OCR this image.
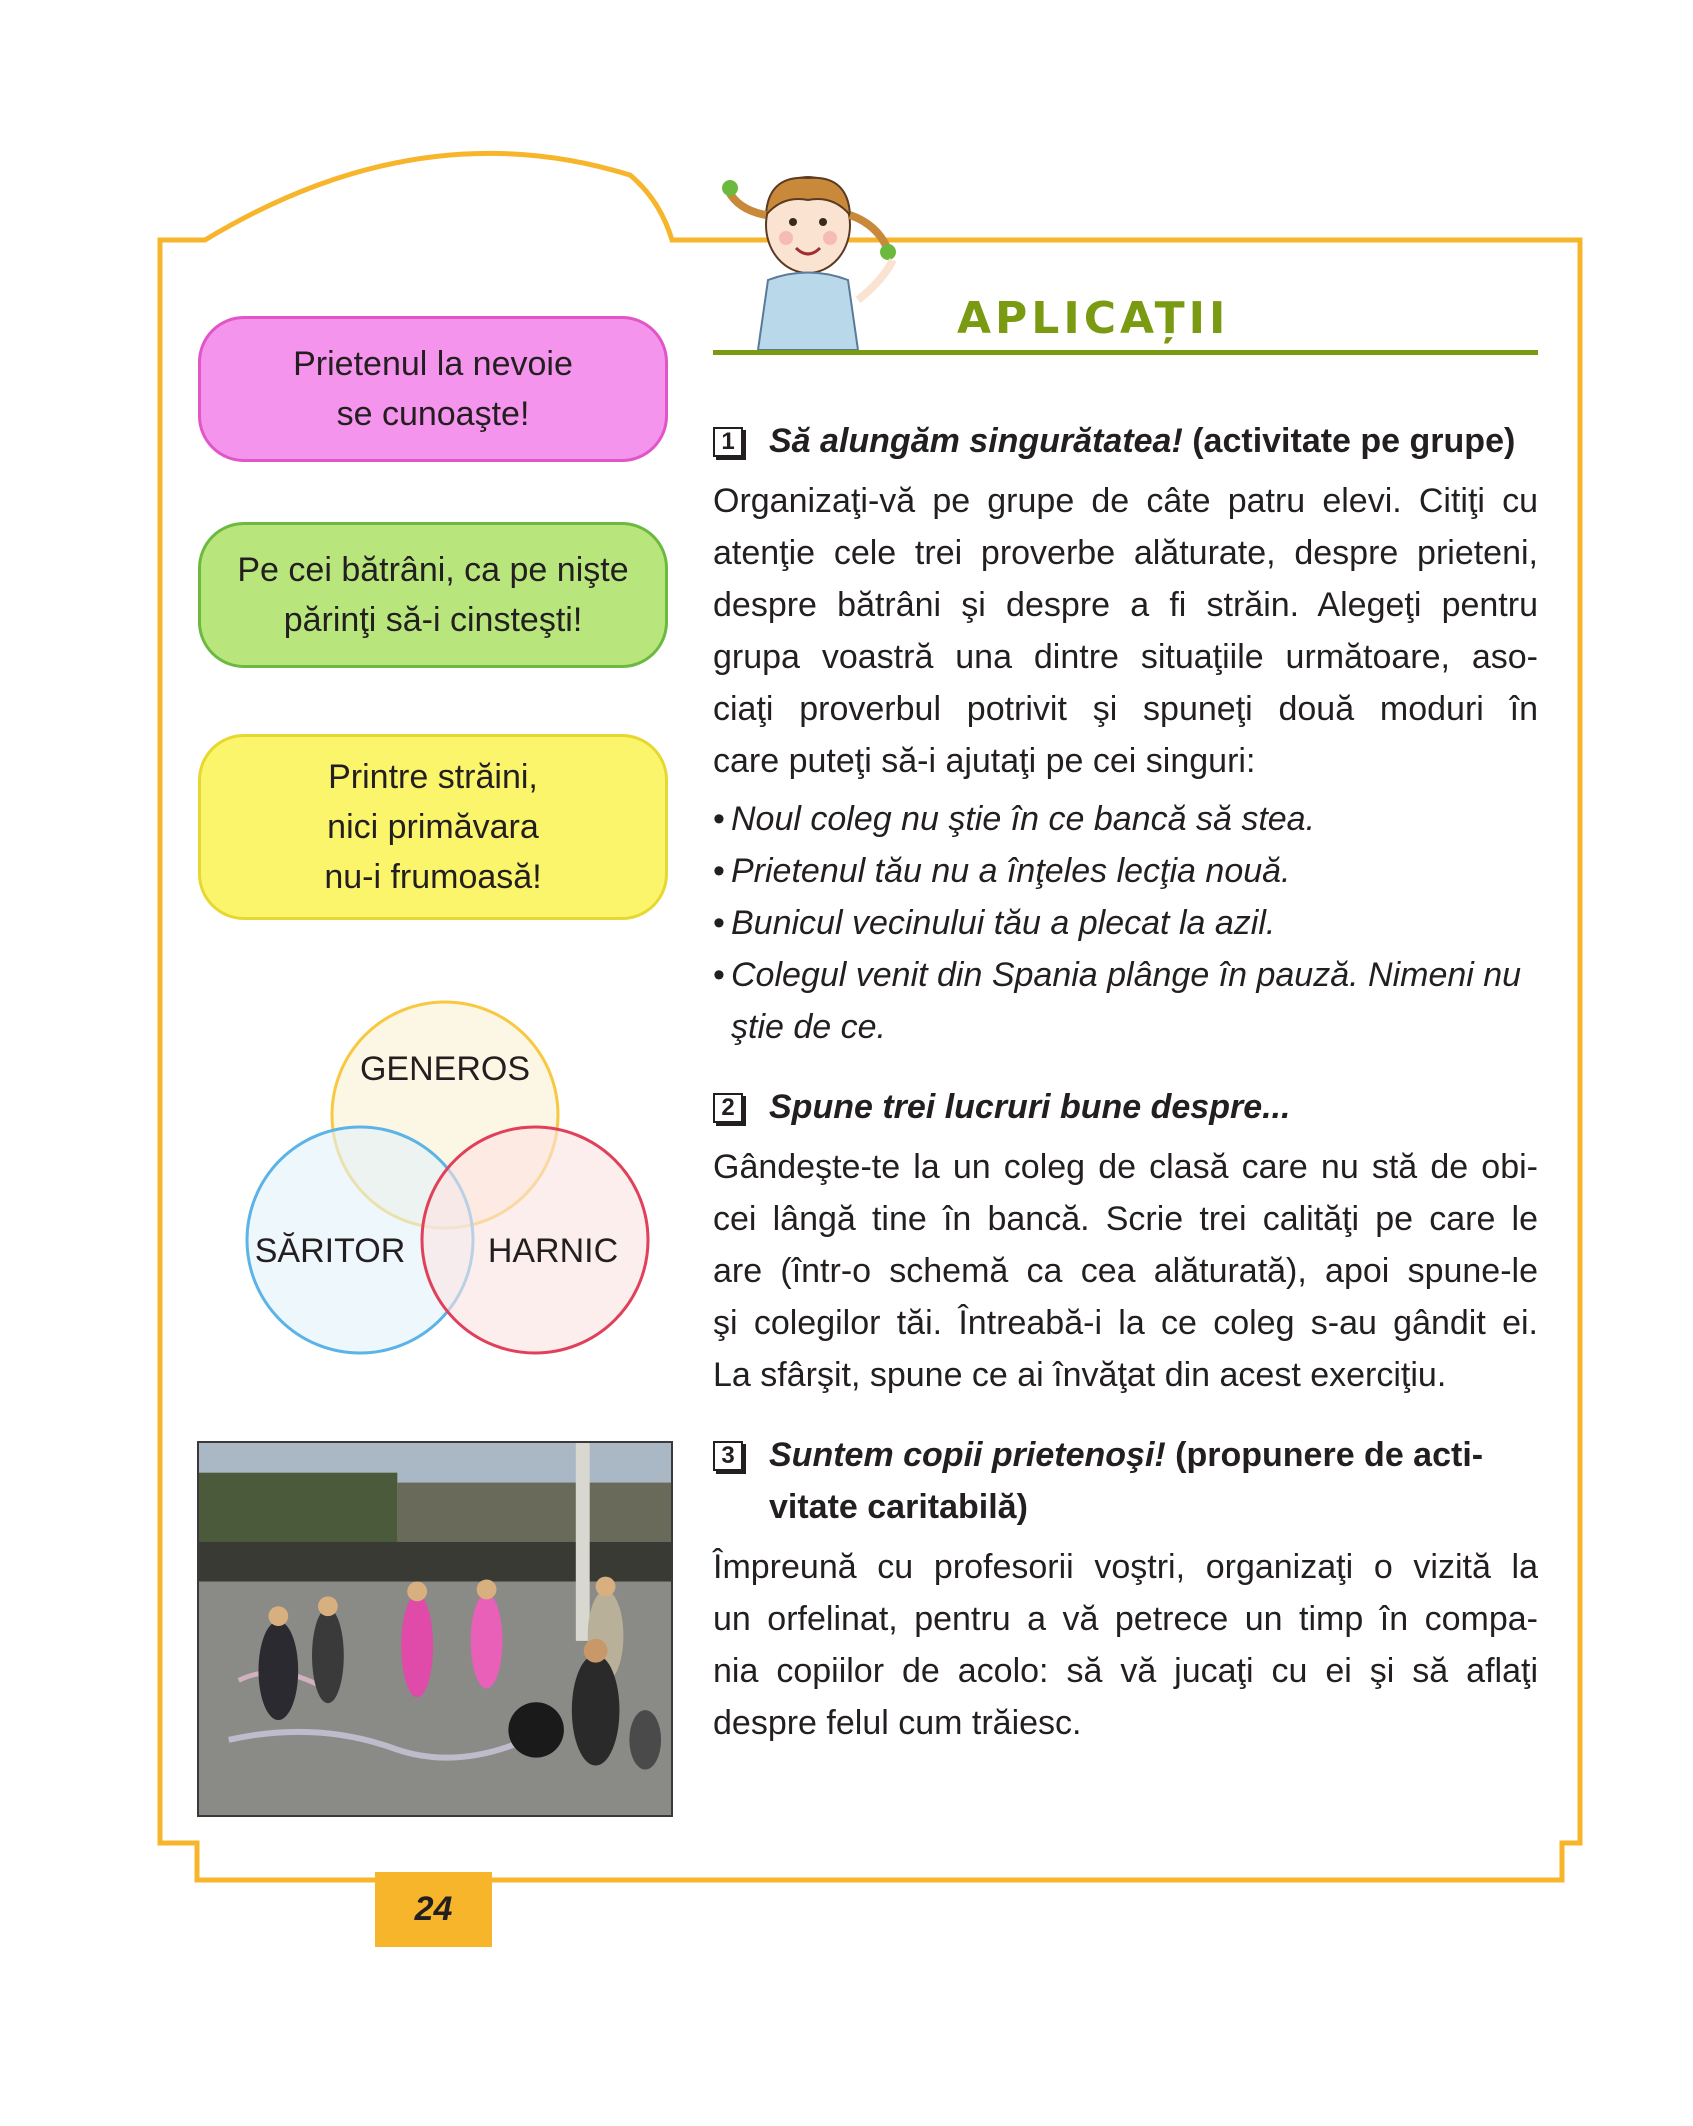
Prietenul la nevoie
se cunoaşte!
Pe cei bătrâni, ca pe nişte
părinţi să-i cinsteşti!
Printre străini,
nici primăvara
nu-i frumoasă!
GENEROS
SĂRITOR HARNIC
APLICAȚII
1 Să alungăm singurătatea! (activitate pe grupe)
Organizaţi-vă pe grupe de câte patru elevi. Citiţi cu
atenţie cele trei proverbe alăturate, despre prieteni,
despre bătrâni şi despre a fi străin. Alegeţi pentru
grupa voastră una dintre situaţiile următoare, aso-
ciaţi proverbul potrivit şi spuneţi două moduri în
care puteţi să-i ajutaţi pe cei singuri:
• Noul coleg nu ştie în ce bancă să stea.
• Prietenul tău nu a înţeles lecţia nouă.
• Bunicul vecinului tău a plecat la azil.
• Colegul venit din Spania plânge în pauză. Nimeni nu
ştie de ce.
2 Spune trei lucruri bune despre...
Gândeşte-te la un coleg de clasă care nu stă de obi-
cei lângă tine în bancă. Scrie trei calităţi pe care le
are (într-o schemă ca cea alăturată), apoi spune-le
şi colegilor tăi. Întreabă-i la ce coleg s-au gândit ei.
La sfârşit, spune ce ai învăţat din acest exerciţiu.
3 Suntem copii prietenoşi! (propunere de acti-
vitate caritabilă)
Împreună cu profesorii voştri, organizaţi o vizită la
un orfelinat, pentru a vă petrece un timp în compa-
nia copiilor de acolo: să vă jucaţi cu ei şi să aflaţi
despre felul cum trăiesc.
24
